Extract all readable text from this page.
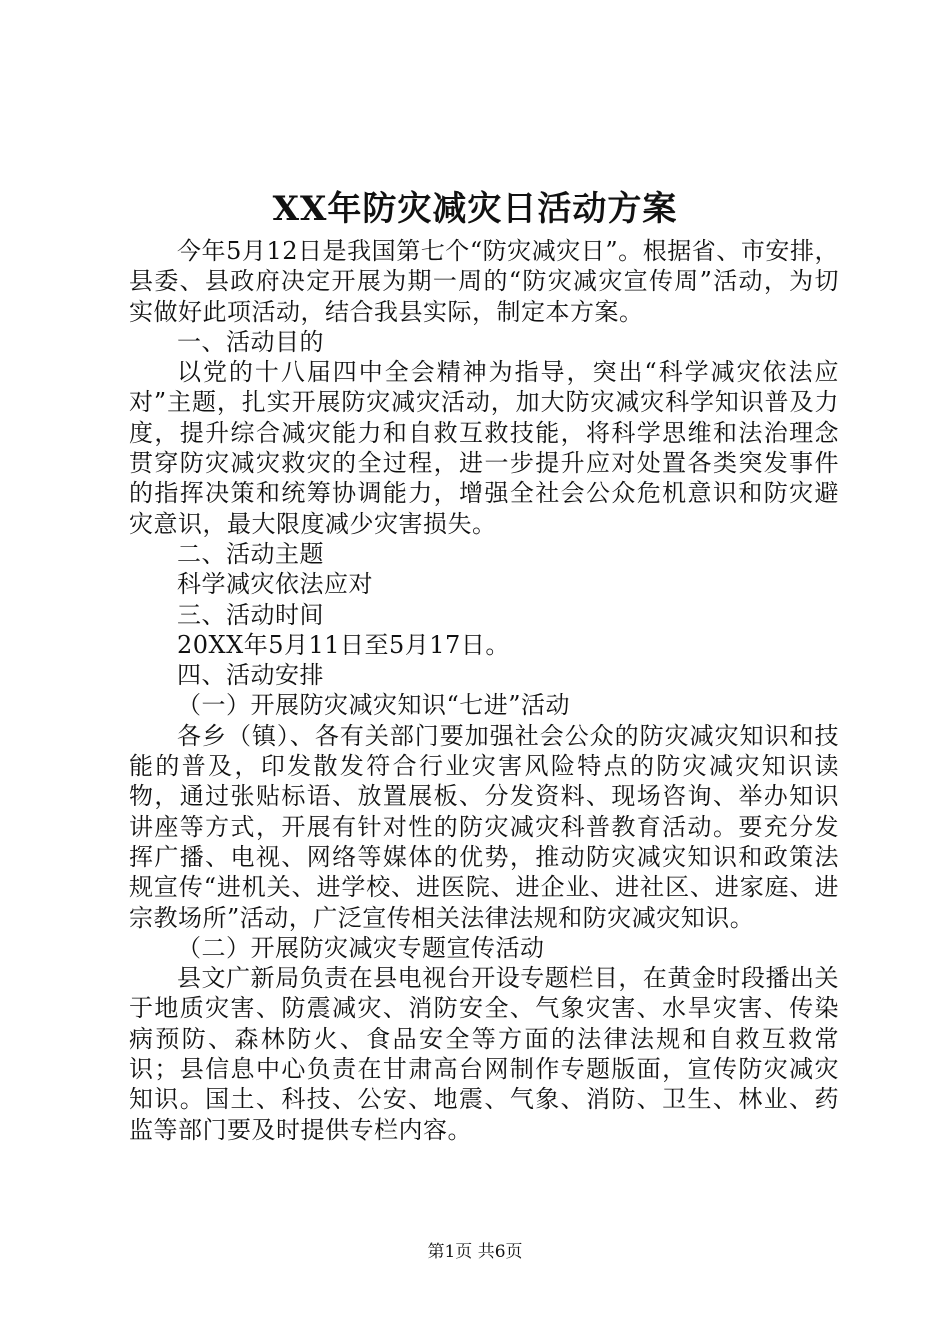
XX年防灾减灾日活动方案

今年5月12日是我国第七个“防灾减灾日”。根据省、市安排，县委、县政府决定开展为期一周的“防灾减灾宣传周”活动，为切实做好此项活动，结合我县实际，制定本方案。

一、活动目的

以党的十八届四中全会精神为指导，突出“科学减灾依法应对”主题，扎实开展防灾减灾活动，加大防灾减灾科学知识普及力度，提升综合减灾能力和自救互救技能，将科学思维和法治理念贯穿防灾减灾救灾的全过程，进一步提升应对处置各类突发事件的指挥决策和统筹协调能力，增强全社会公众危机意识和防灾避灾意识，最大限度减少灾害损失。

二、活动主题

科学减灾依法应对

三、活动时间

20XX年5月11日至5月17日。

四、活动安排

（一）开展防灾减灾知识“七进”活动

各乡（镇）、各有关部门要加强社会公众的防灾减灾知识和技能的普及，印发散发符合行业灾害风险特点的防灾减灾知识读物，通过张贴标语、放置展板、分发资料、现场咨询、举办知识讲座等方式，开展有针对性的防灾减灾科普教育活动。要充分发挥广播、电视、网络等媒体的优势，推动防灾减灾知识和政策法规宣传“进机关、进学校、进医院、进企业、进社区、进家庭、进宗教场所”活动，广泛宣传相关法律法规和防灾减灾知识。

（二）开展防灾减灾专题宣传活动

县文广新局负责在县电视台开设专题栏目，在黄金时段播出关于地质灾害、防震减灾、消防安全、气象灾害、水旱灾害、传染病预防、森林防火、食品安全等方面的法律法规和自救互救常识；县信息中心负责在甘肃高台网制作专题版面，宣传防灾减灾知识。国土、科技、公安、地震、气象、消防、卫生、林业、药监等部门要及时提供专栏内容。

第1页 共6页
